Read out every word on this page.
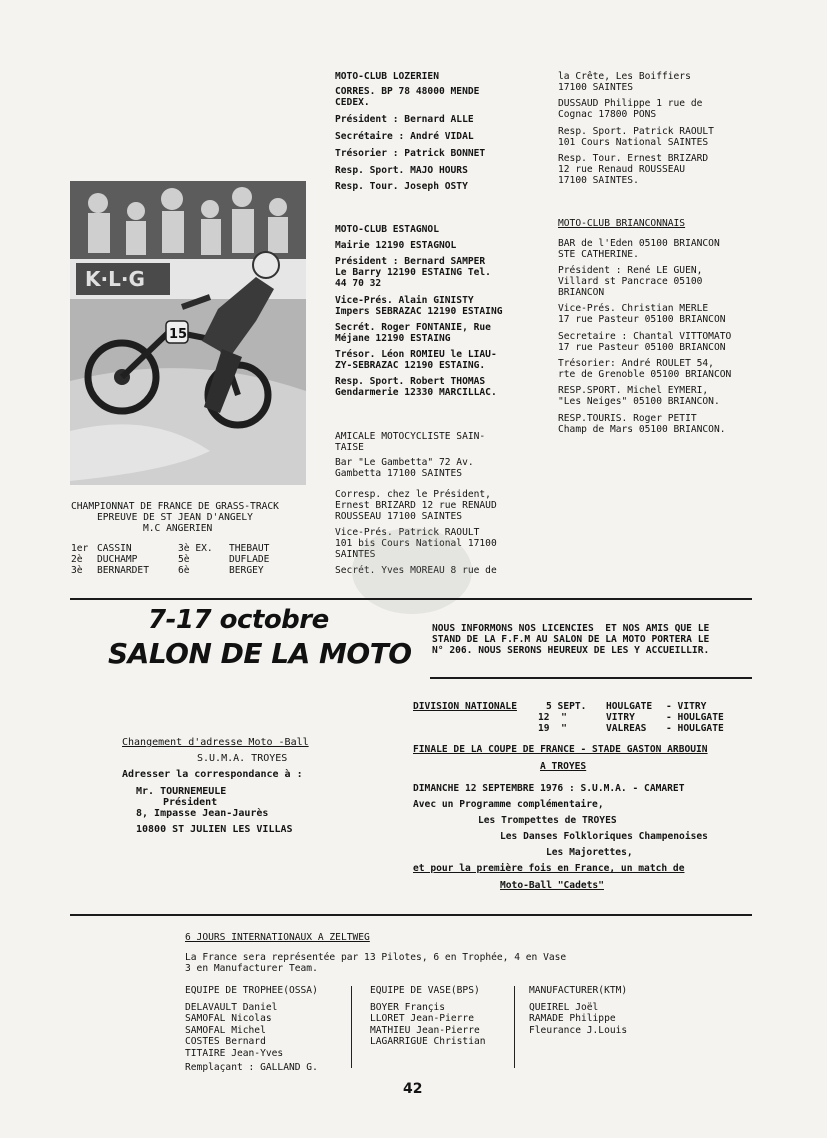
MOTO-CLUB LOZERIEN
CORRES. BP 78 48000 MENDE
CEDEX.
Président : Bernard ALLE
Secrétaire : André VIDAL
Trésorier : Patrick BONNET
Resp. Sport. MAJO HOURS
Resp. Tour. Joseph OSTY
MOTO-CLUB ESTAGNOL
Mairie 12190 ESTAGNOL
Président : Bernard SAMPER
Le Barry 12190 ESTAING Tel.
44 70 32
Vice-Prés. Alain GINISTY
Impers SEBRAZAC 12190 ESTAING
Secrét. Roger FONTANIE, Rue
Méjane 12190 ESTAING
Trésor. Léon ROMIEU le LIAU-
ZY-SEBRAZAC 12190 ESTAING.
Resp. Sport. Robert THOMAS
Gendarmerie 12330 MARCILLAC.
AMICALE MOTOCYCLISTE SAIN-
TAISE
Bar "Le Gambetta" 72 Av.
Gambetta 17100 SAINTES
Corresp. chez le Président,
Ernest BRIZARD 12 rue RENAUD
ROUSSEAU 17100 SAINTES
Vice-Prés. Patrick RAOULT
101 bis Cours National 17100
SAINTES
Secrét. Yves MOREAU 8 rue de
la Crête, Les Boiffiers
17100 SAINTES
DUSSAUD Philippe 1 rue de
Cognac 17800 PONS
Resp. Sport. Patrick RAOULT
101 Cours National SAINTES
Resp. Tour. Ernest BRIZARD
12 rue Renaud ROUSSEAU
17100 SAINTES.
MOTO-CLUB BRIANCONNAIS
BAR de l'Eden 05100 BRIANCON
STE CATHERINE.
Président : René LE GUEN,
Villard st Pancrace 05100
BRIANCON
Vice-Prés. Christian MERLE
17 rue Pasteur 05100 BRIANCON
Secretaire : Chantal VITTOMATO
17 rue Pasteur 05100 BRIANCON
Trésorier: André ROULET 54,
rte de Grenoble 05100 BRIANCON
RESP.SPORT. Michel EYMERI,
"Les Neiges" 05100 BRIANCON.
RESP.TOURIS. Roger PETIT
Champ de Mars 05100 BRIANCON.
K·L·G
15
CHAMPIONNAT DE FRANCE DE GRASS-TRACK
EPREUVE DE ST JEAN D'ANGELY
M.C ANGERIEN
1er CASSIN	3è EX. THEBAUT
2è DUCHAMP	5è	DUFLADE
3è BERNARDET	6è	BERGEY
7-17 octobre
SALON DE LA MOTO
NOUS INFORMONS NOS LICENCIES  ET NOS AMIS QUE LE
STAND DE LA F.F.M AU SALON DE LA MOTO PORTERA LE
N° 206. NOUS SERONS HEUREUX DE LES Y ACCUEILLIR.
Changement d'adresse Moto -Ball
S.U.M.A. TROYES
Adresser la correspondance à :
Mr. TOURNEMEULE
Président
8, Impasse Jean-Jaurès
10800 ST JULIEN LES VILLAS
DIVISION NATIONALE	5 SEPT. HOULGATE - VITRY
12  "	VITRY	- HOULGATE
19  "	VALREAS - HOULGATE
FINALE DE LA COUPE DE FRANCE - STADE GASTON ARBOUIN
A TROYES
DIMANCHE 12 SEPTEMBRE 1976 : S.U.M.A. - CAMARET
Avec un Programme complémentaire,
Les Trompettes de TROYES
Les Danses Folkloriques Champenoises
Les Majorettes,
et pour la première fois en France, un match de
Moto-Ball "Cadets"
6 JOURS INTERNATIONAUX A ZELTWEG
La France sera représentée par 13 Pilotes, 6 en Trophée, 4 en Vase
3 en Manufacturer Team.
EQUIPE DE TROPHEE(OSSA)
DELAVAULT Daniel
SAMOFAL Nicolas
SAMOFAL Michel
COSTES Bernard
TITAIRE Jean-Yves
EQUIPE DE VASE(BPS)
BOYER Françis
LLORET Jean-Pierre
MATHIEU Jean-Pierre
LAGARRIGUE Christian
MANUFACTURER(KTM)
QUEIREL Joël
RAMADE Philippe
Fleurance J.Louis
Remplaçant : GALLAND G.
42
